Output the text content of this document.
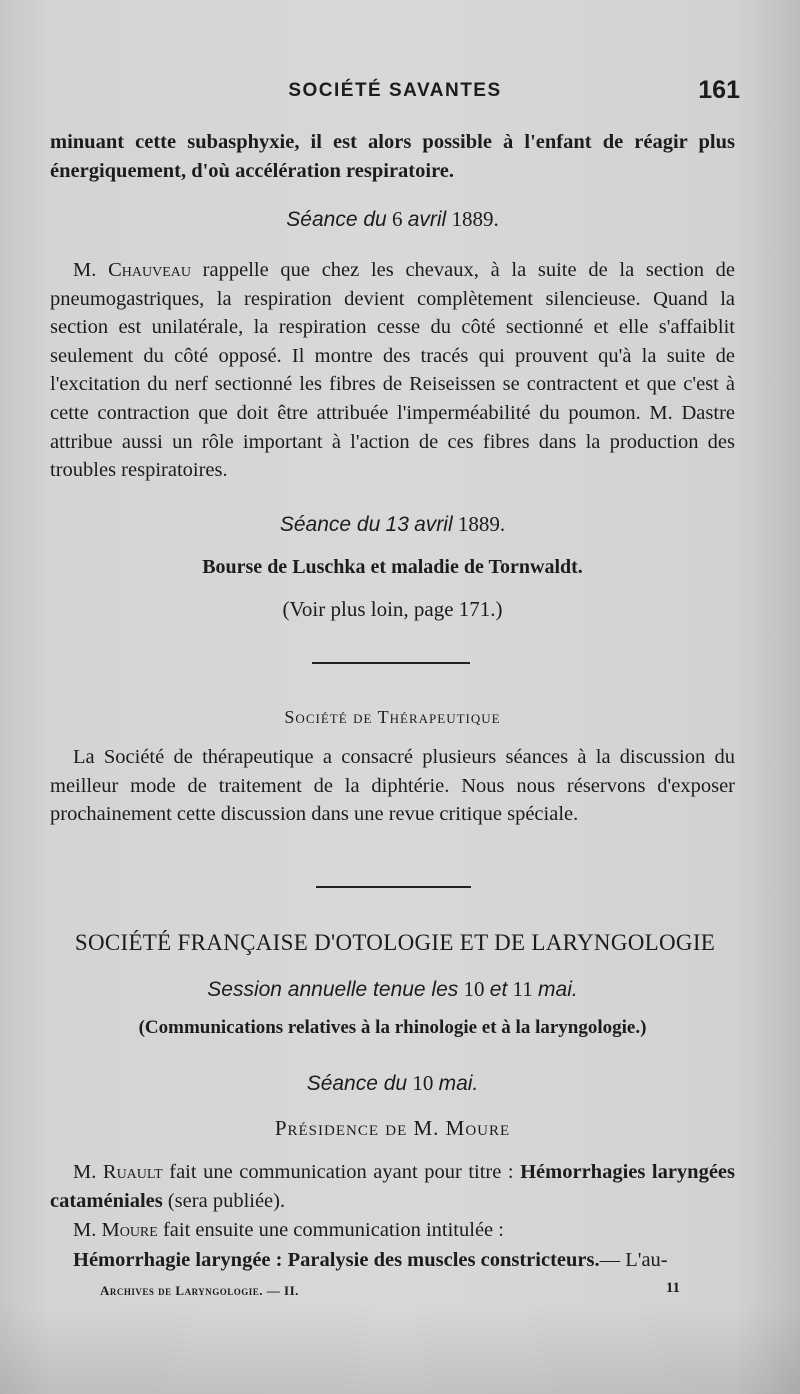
SOCIÉTÉ SAVANTES	161
minuant cette subasphyxie, il est alors possible à l'enfant de réagir plus énergiquement, d'où accélération respiratoire.
Séance du 6 avril 1889.
M. Chauveau rappelle que chez les chevaux, à la suite de la section de pneumogastriques, la respiration devient complètement silencieuse. Quand la section est unilatérale, la respiration cesse du côté sectionné et elle s'affaiblit seulement du côté opposé. Il montre des tracés qui prouvent qu'à la suite de l'excitation du nerf sectionné les fibres de Reiseissen se contractent et que c'est à cette contraction que doit être attribuée l'imperméabilité du poumon. M. Dastre attribue aussi un rôle important à l'action de ces fibres dans la production des troubles respiratoires.
Séance du 13 avril 1889.
Bourse de Luschka et maladie de Tornwaldt.
(Voir plus loin, page 171.)
Société de Thérapeutique
La Société de thérapeutique a consacré plusieurs séances à la discussion du meilleur mode de traitement de la diphtérie. Nous nous réservons d'exposer prochainement cette discussion dans une revue critique spéciale.
SOCIÉTÉ FRANÇAISE D'OTOLOGIE ET DE LARYNGOLOGIE
Session annuelle tenue les 10 et 11 mai.
(Communications relatives à la rhinologie et à la laryngologie.)
Séance du 10 mai.
Présidence de M. Moure
M. Ruault fait une communication ayant pour titre : Hémorrhagies laryngées cataméniales (sera publiée).
M. Moure fait ensuite une communication intitulée :
Hémorrhagie laryngée : Paralysie des muscles constricteurs.— L'au-
Archives de Laryngologie. — II.	11
